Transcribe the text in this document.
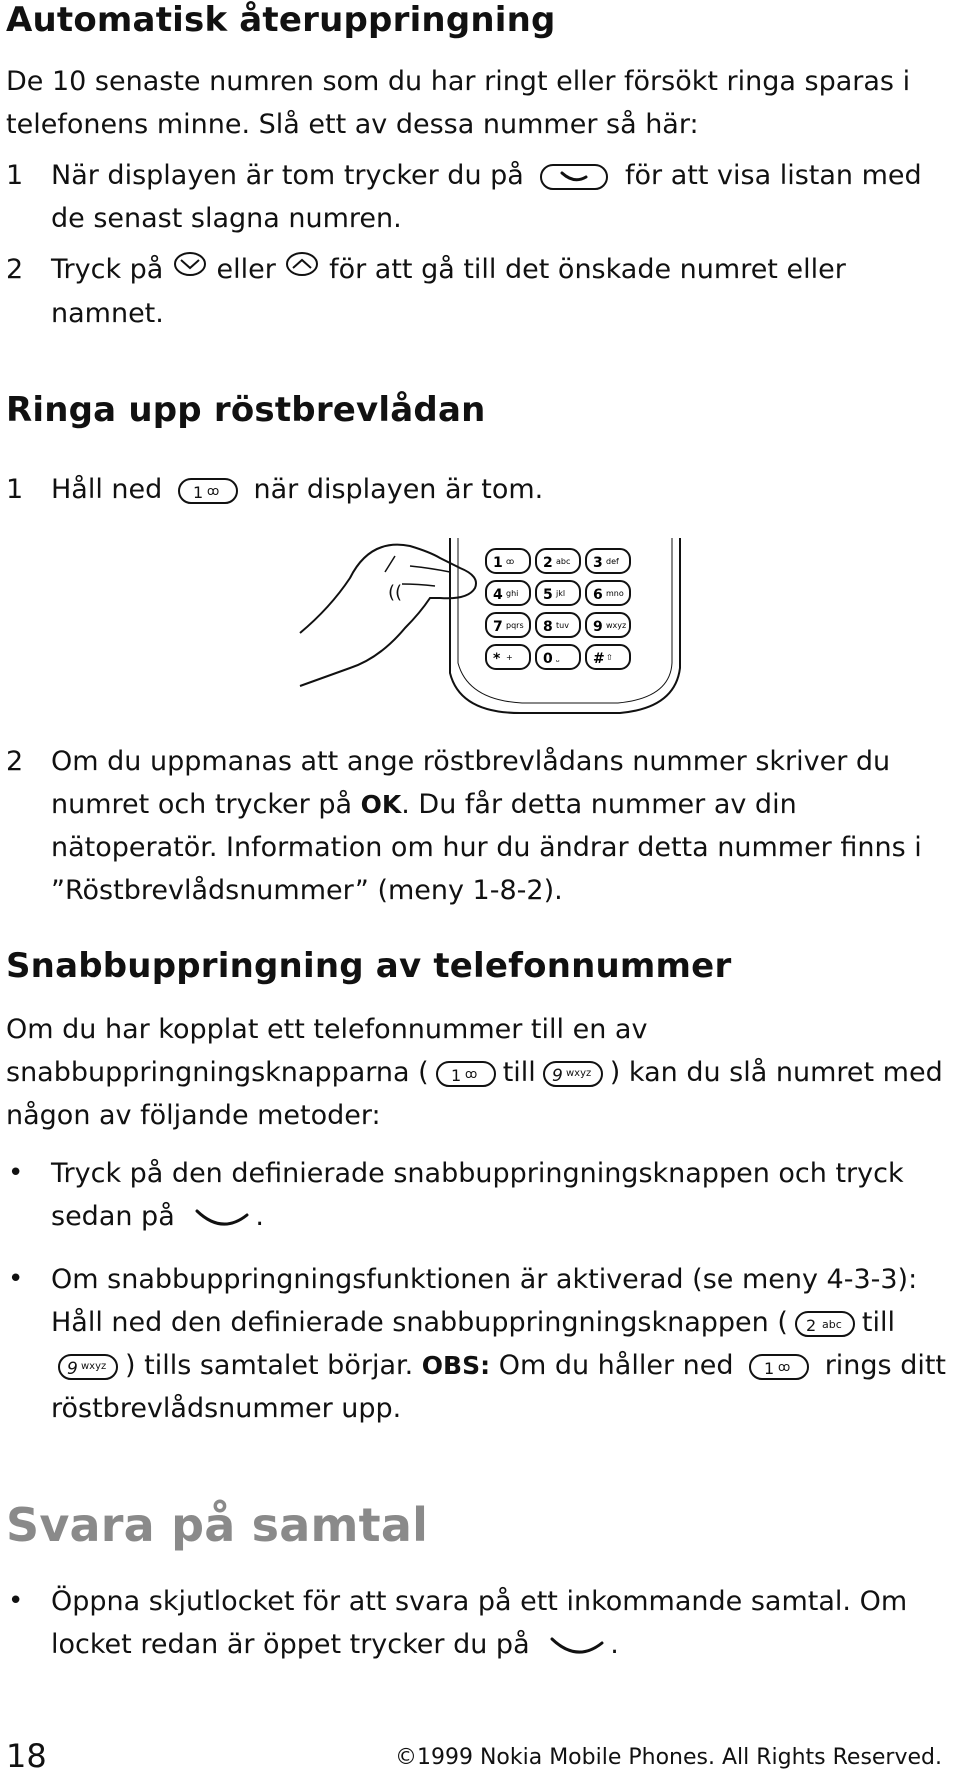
Automatisk återuppringning
De 10 senaste numren som du har ringt eller försökt ringa sparas i telefonens minne. Slå ett av dessa nummer så här:
1	När displayen är tom trycker du på	för att visa listan med de senast slagna numren.
2	Tryck på eller för att gå till det önskade numret eller namnet.
Ringa upp röstbrevlådan
1	Håll ned 1 ꝏ när displayen är tom.
((
1 ꝏ 2 abc 3 def
4 ghi 5 jkl 6 mno
7 pqrs 8 tuv 9 wxyz
* + 0 ⎵ # ⇧
2	Om du uppmanas att ange röstbrevlådans nummer skriver du numret och trycker på OK. Du får detta nummer av din nätoperatör. Information om hur du ändrar detta nummer finns i ”Röstbrevlådsnummer” (meny 1-8-2).
Snabbuppringning av telefonnummer
Om du har kopplat ett telefonnummer till en av snabbuppringningsknapparna ( 1 ꝏ till 9 wxyz ) kan du slå numret med någon av följande metoder:
• Tryck på den definierade snabbuppringningsknappen och tryck sedan på	.
• Om snabbuppringningsfunktionen är aktiverad (se meny 4-3-3): Håll ned den definierade snabbuppringningsknappen ( 2 abc till
9 wxyz ) tills samtalet börjar. OBS: Om du håller ned 1 ꝏ rings ditt röstbrevlådsnummer upp.
Svara på samtal
• Öppna skjutlocket för att svara på ett inkommande samtal. Om locket redan är öppet trycker du på	.
18	©1999 Nokia Mobile Phones. All Rights Reserved.
